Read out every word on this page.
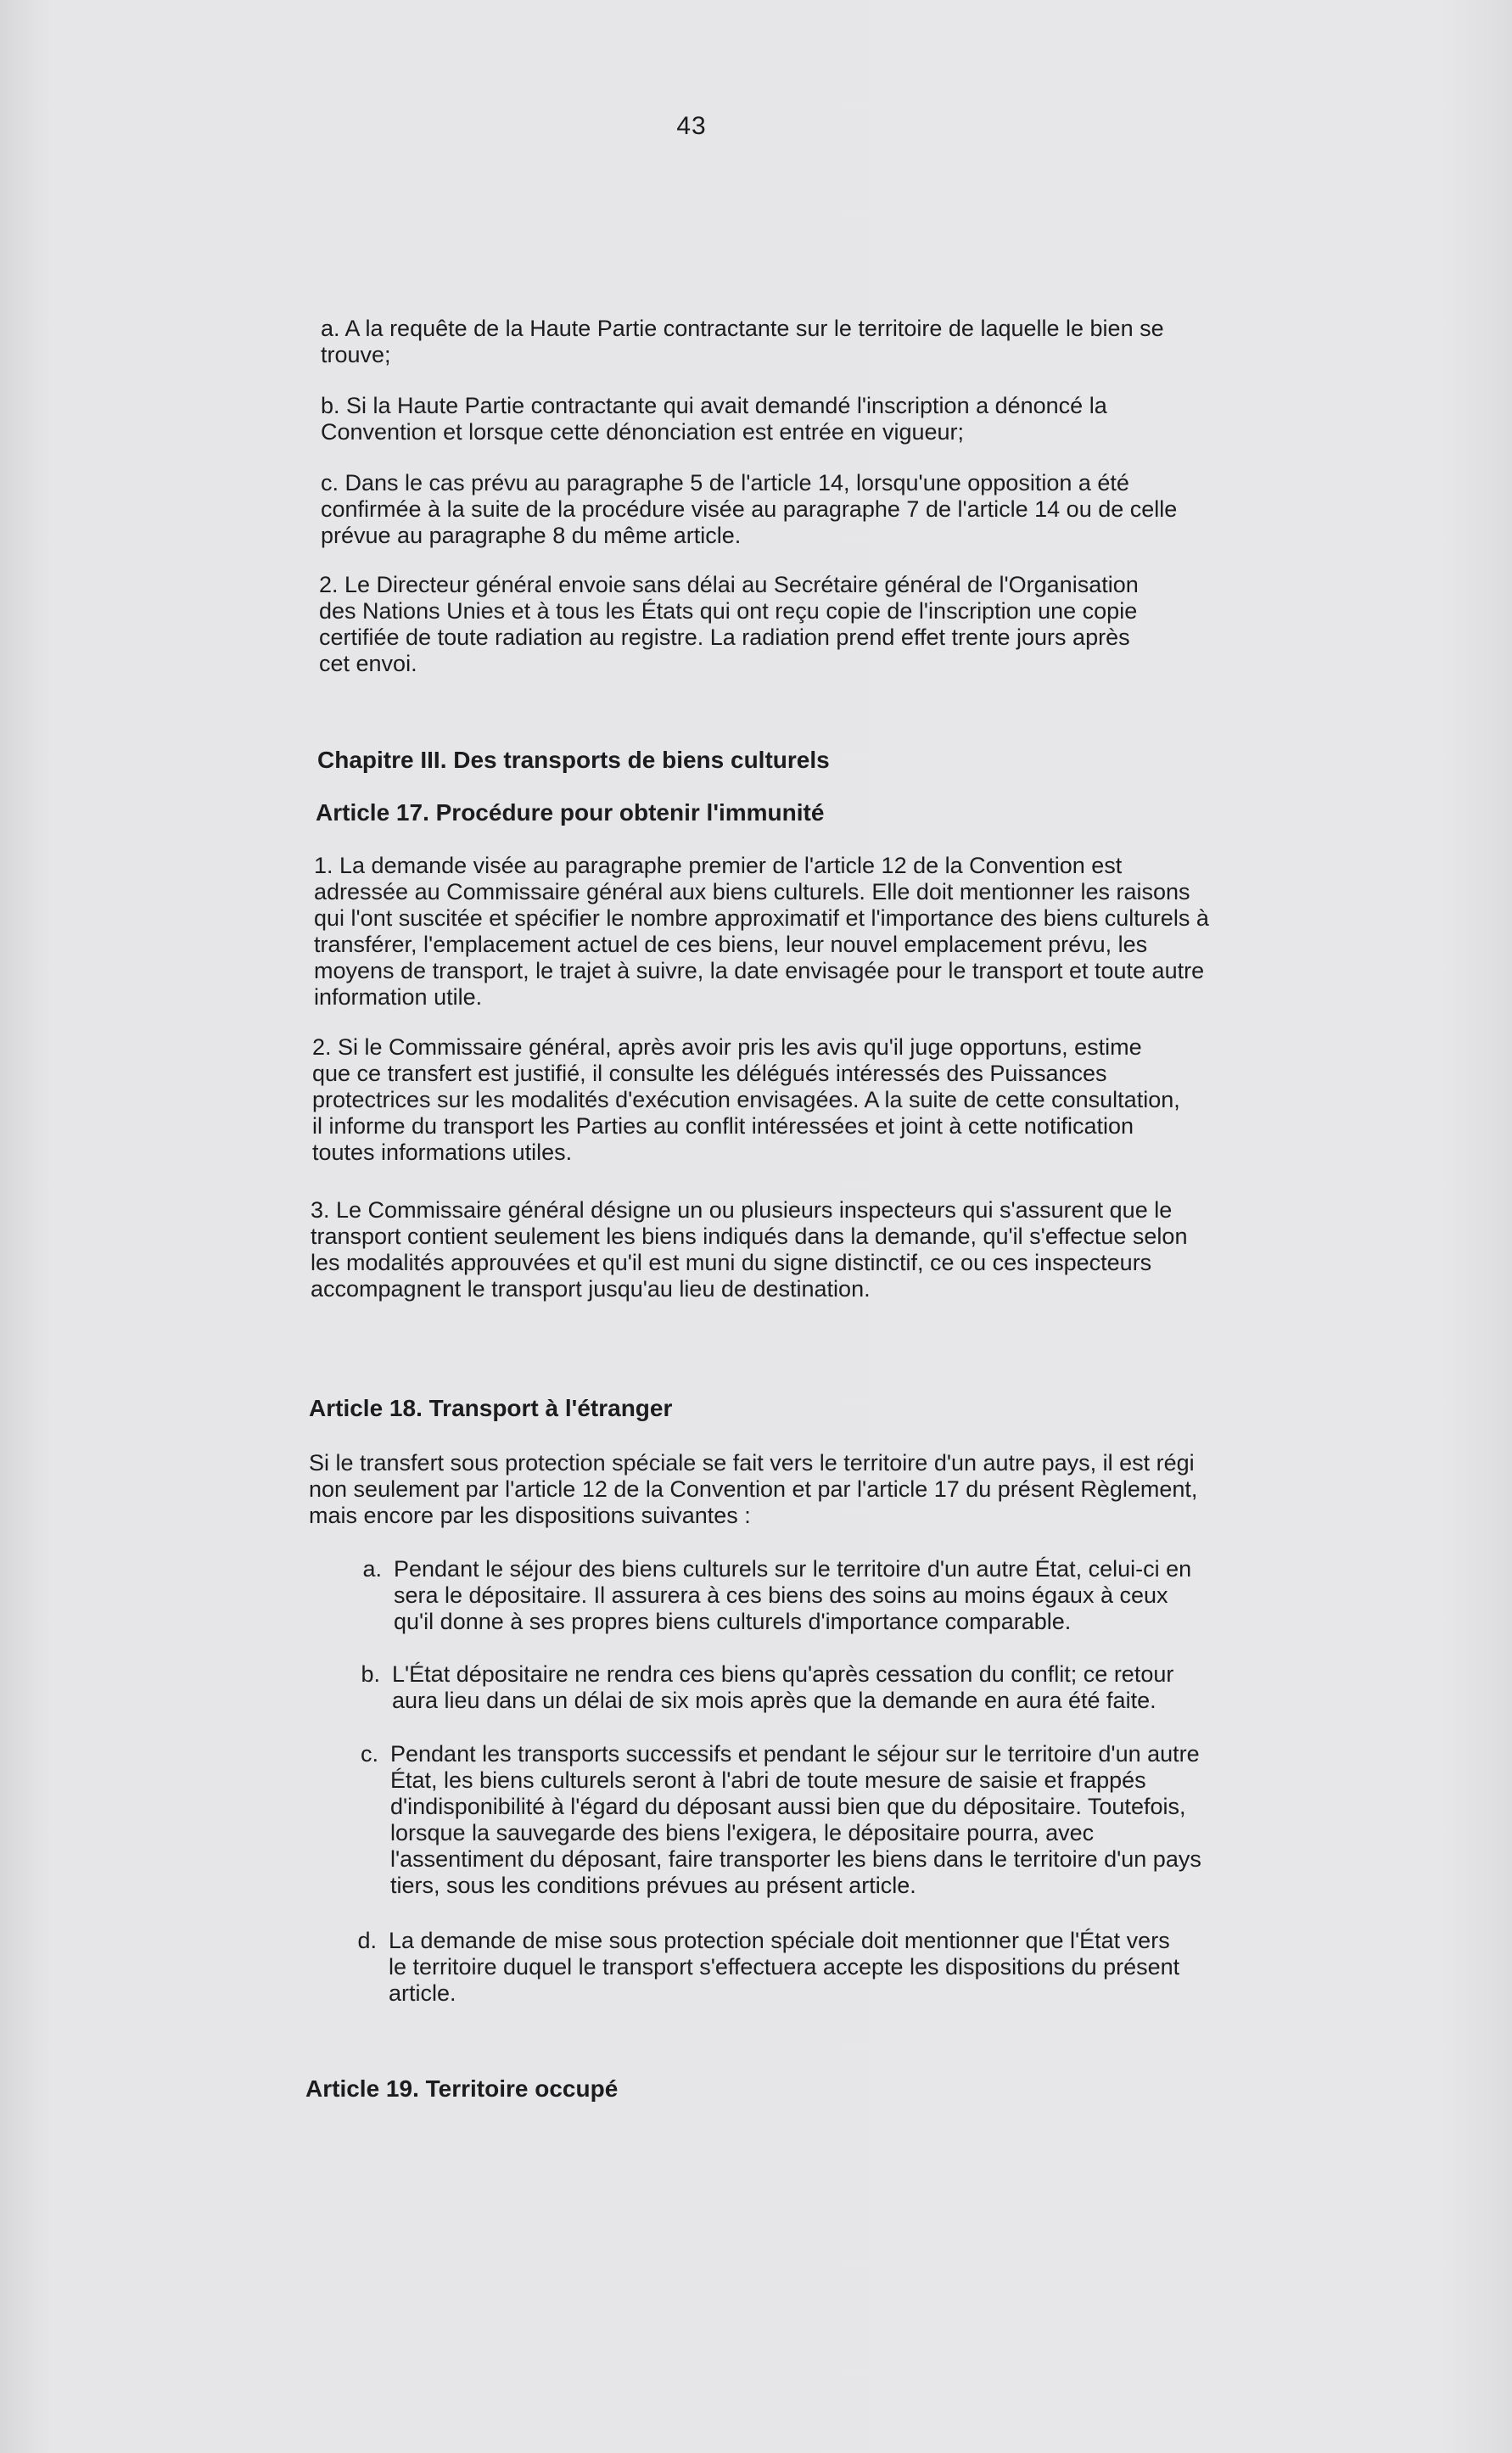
43

a. A la requête de la Haute Partie contractante sur le territoire de laquelle le bien se trouve;

b. Si la Haute Partie contractante qui avait demandé l'inscription a dénoncé la Convention et lorsque cette dénonciation est entrée en vigueur;

c. Dans le cas prévu au paragraphe 5 de l'article 14, lorsqu'une opposition a été confirmée à la suite de la procédure visée au paragraphe 7 de l'article 14 ou de celle prévue au paragraphe 8 du même article.

2. Le Directeur général envoie sans délai au Secrétaire général de l'Organisation des Nations Unies et à tous les États qui ont reçu copie de l'inscription une copie certifiée de toute radiation au registre. La radiation prend effet trente jours après cet envoi.

Chapitre III. Des transports de biens culturels

Article 17. Procédure pour obtenir l'immunité

1. La demande visée au paragraphe premier de l'article 12 de la Convention est adressée au Commissaire général aux biens culturels. Elle doit mentionner les raisons qui l'ont suscitée et spécifier le nombre approximatif et l'importance des biens culturels à transférer, l'emplacement actuel de ces biens, leur nouvel emplacement prévu, les moyens de transport, le trajet à suivre, la date envisagée pour le transport et toute autre information utile.

2. Si le Commissaire général, après avoir pris les avis qu'il juge opportuns, estime que ce transfert est justifié, il consulte les délégués intéressés des Puissances protectrices sur les modalités d'exécution envisagées. A la suite de cette consultation, il informe du transport les Parties au conflit intéressées et joint à cette notification toutes informations utiles.

3. Le Commissaire général désigne un ou plusieurs inspecteurs qui s'assurent que le transport contient seulement les biens indiqués dans la demande, qu'il s'effectue selon les modalités approuvées et qu'il est muni du signe distinctif, ce ou ces inspecteurs accompagnent le transport jusqu'au lieu de destination.

Article 18. Transport à l'étranger

Si le transfert sous protection spéciale se fait vers le territoire d'un autre pays, il est régi non seulement par l'article 12 de la Convention et par l'article 17 du présent Règlement, mais encore par les dispositions suivantes :

a. Pendant le séjour des biens culturels sur le territoire d'un autre État, celui-ci en sera le dépositaire. Il assurera à ces biens des soins au moins égaux à ceux qu'il donne à ses propres biens culturels d'importance comparable.
b. L'État dépositaire ne rendra ces biens qu'après cessation du conflit; ce retour aura lieu dans un délai de six mois après que la demande en aura été faite.
c. Pendant les transports successifs et pendant le séjour sur le territoire d'un autre État, les biens culturels seront à l'abri de toute mesure de saisie et frappés d'indisponibilité à l'égard du déposant aussi bien que du dépositaire. Toutefois, lorsque la sauvegarde des biens l'exigera, le dépositaire pourra, avec l'assentiment du déposant, faire transporter les biens dans le territoire d'un pays tiers, sous les conditions prévues au présent article.
d. La demande de mise sous protection spéciale doit mentionner que l'État vers le territoire duquel le transport s'effectuera accepte les dispositions du présent article.

Article 19. Territoire occupé
